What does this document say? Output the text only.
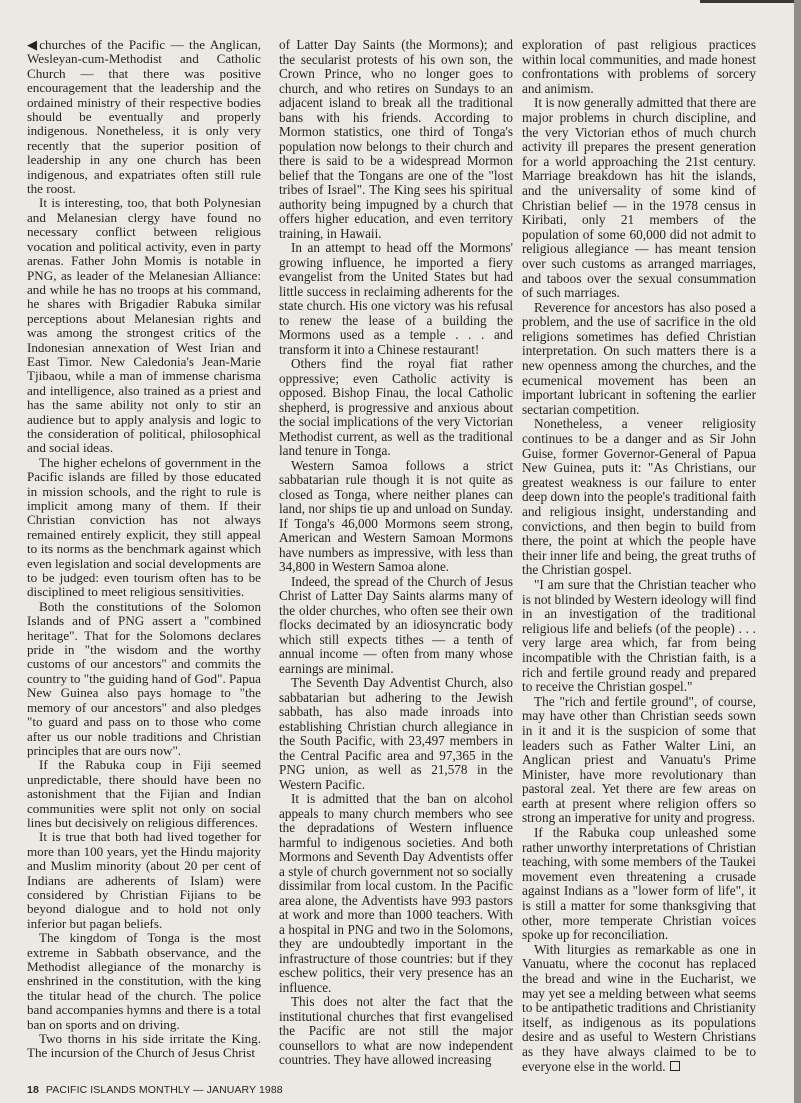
◀churches of the Pacific — the Anglican, Wesleyan-cum-Methodist and Catholic Church — that there was positive encouragement that the leadership and the ordained ministry of their respective bodies should be eventually and properly indigenous. Nonetheless, it is only very recently that the superior position of leadership in any one church has been indigenous, and expatriates often still rule the roost.

It is interesting, too, that both Polynesian and Melanesian clergy have found no necessary conflict between religious vocation and political activity, even in party arenas. Father John Momis is notable in PNG, as leader of the Melanesian Alliance: and while he has no troops at his command, he shares with Brigadier Rabuka similar perceptions about Melanesian rights and was among the strongest critics of the Indonesian annexation of West Irian and East Timor. New Caledonia's Jean-Marie Tjibaou, while a man of immense charisma and intelligence, also trained as a priest and has the same ability not only to stir an audience but to apply analysis and logic to the consideration of political, philosophical and social ideas.

The higher echelons of government in the Pacific islands are filled by those educated in mission schools, and the right to rule is implicit among many of them. If their Christian conviction has not always remained entirely explicit, they still appeal to its norms as the benchmark against which even legislation and social developments are to be judged: even tourism often has to be disciplined to meet religious sensitivities.

Both the constitutions of the Solomon Islands and of PNG assert a "combined heritage". That for the Solomons declares pride in "the wisdom and the worthy customs of our ancestors" and commits the country to "the guiding hand of God". Papua New Guinea also pays homage to "the memory of our ancestors" and also pledges "to guard and pass on to those who come after us our noble traditions and Christian principles that are ours now".

If the Rabuka coup in Fiji seemed unpredictable, there should have been no astonishment that the Fijian and Indian communities were split not only on social lines but decisively on religious differences.

It is true that both had lived together for more than 100 years, yet the Hindu majority and Muslim minority (about 20 per cent of Indians are adherents of Islam) were considered by Christian Fijians to be beyond dialogue and to hold not only inferior but pagan beliefs.

The kingdom of Tonga is the most extreme in Sabbath observance, and the Methodist allegiance of the monarchy is enshrined in the constitution, with the king the titular head of the church. The police band accompanies hymns and there is a total ban on sports and on driving.

Two thorns in his side irritate the King. The incursion of the Church of Jesus Christ

of Latter Day Saints (the Mormons); and the secularist protests of his own son, the Crown Prince, who no longer goes to church, and who retires on Sundays to an adjacent island to break all the traditional bans with his friends. According to Mormon statistics, one third of Tonga's population now belongs to their church and there is said to be a widespread Mormon belief that the Tongans are one of the "lost tribes of Israel". The King sees his spiritual authority being impugned by a church that offers higher education, and even territory training, in Hawaii.

In an attempt to head off the Mormons' growing influence, he imported a fiery evangelist from the United States but had little success in reclaiming adherents for the state church. His one victory was his refusal to renew the lease of a building the Mormons used as a temple . . . and transform it into a Chinese restaurant!

Others find the royal fiat rather oppressive; even Catholic activity is opposed. Bishop Finau, the local Catholic shepherd, is progressive and anxious about the social implications of the very Victorian Methodist current, as well as the traditional land tenure in Tonga.

Western Samoa follows a strict sabbatarian rule though it is not quite as closed as Tonga, where neither planes can land, nor ships tie up and unload on Sunday. If Tonga's 46,000 Mormons seem strong, American and Western Samoan Mormons have numbers as impressive, with less than 34,800 in Western Samoa alone.

Indeed, the spread of the Church of Jesus Christ of Latter Day Saints alarms many of the older churches, who often see their own flocks decimated by an idiosyncratic body which still expects tithes — a tenth of annual income — often from many whose earnings are minimal.

The Seventh Day Adventist Church, also sabbatarian but adhering to the Jewish sabbath, has also made inroads into establishing Christian church allegiance in the South Pacific, with 23,497 members in the Central Pacific area and 97,365 in the PNG union, as well as 21,578 in the Western Pacific.

It is admitted that the ban on alcohol appeals to many church members who see the depradations of Western influence harmful to indigenous societies. And both Mormons and Seventh Day Adventists offer a style of church government not so socially dissimilar from local custom. In the Pacific area alone, the Adventists have 993 pastors at work and more than 1000 teachers. With a hospital in PNG and two in the Solomons, they are undoubtedly important in the infrastructure of those countries: but if they eschew politics, their very presence has an influence.

This does not alter the fact that the institutional churches that first evangelised the Pacific are not still the major counsellors to what are now independent countries. They have allowed increasing

exploration of past religious practices within local communities, and made honest confrontations with problems of sorcery and animism.

It is now generally admitted that there are major problems in church discipline, and the very Victorian ethos of much church activity ill prepares the present generation for a world approaching the 21st century. Marriage breakdown has hit the islands, and the universality of some kind of Christian belief — in the 1978 census in Kiribati, only 21 members of the population of some 60,000 did not admit to religious allegiance — has meant tension over such customs as arranged marriages, and taboos over the sexual consummation of such marriages.

Reverence for ancestors has also posed a problem, and the use of sacrifice in the old religions sometimes has defied Christian interpretation. On such matters there is a new openness among the churches, and the ecumenical movement has been an important lubricant in softening the earlier sectarian competition.

Nonetheless, a veneer religiosity continues to be a danger and as Sir John Guise, former Governor-General of Papua New Guinea, puts it: "As Christians, our greatest weakness is our failure to enter deep down into the people's traditional faith and religious insight, understanding and convictions, and then begin to build from there, the point at which the people have their inner life and being, the great truths of the Christian gospel.

"I am sure that the Christian teacher who is not blinded by Western ideology will find in an investigation of the traditional religious life and beliefs (of the people) . . . very large area which, far from being incompatible with the Christian faith, is a rich and fertile ground ready and prepared to receive the Christian gospel."

The "rich and fertile ground", of course, may have other than Christian seeds sown in it and it is the suspicion of some that leaders such as Father Walter Lini, an Anglican priest and Vanuatu's Prime Minister, have more revolutionary than pastoral zeal. Yet there are few areas on earth at present where religion offers so strong an imperative for unity and progress.

If the Rabuka coup unleashed some rather unworthy interpretations of Christian teaching, with some members of the Taukei movement even threatening a crusade against Indians as a "lower form of life", it is still a matter for some thanksgiving that other, more temperate Christian voices spoke up for reconciliation.

With liturgies as remarkable as one in Vanuatu, where the coconut has replaced the bread and wine in the Eucharist, we may yet see a melding between what seems to be antipathetic traditions and Christianity itself, as indigenous as its populations desire and as useful to Western Christians as they have always claimed to be to everyone else in the world.

18 PACIFIC ISLANDS MONTHLY — JANUARY 1988
